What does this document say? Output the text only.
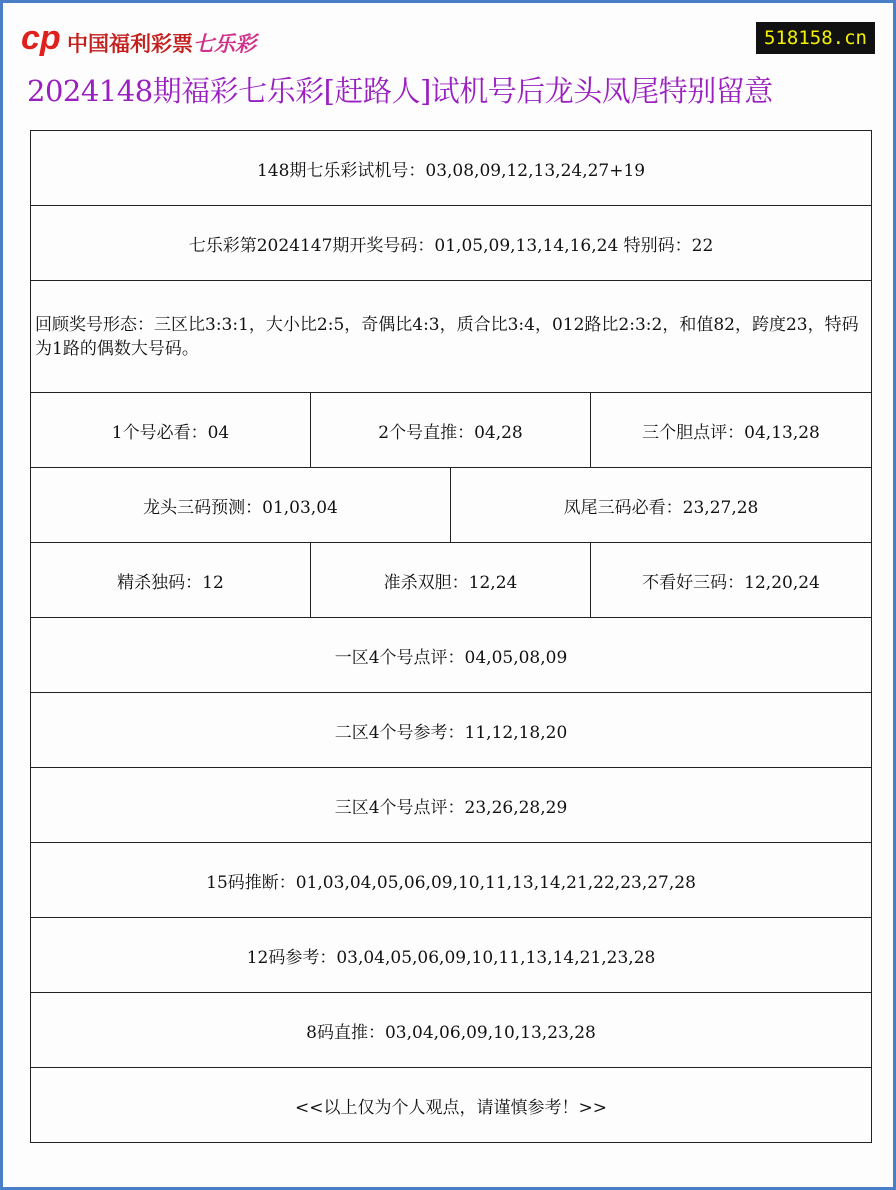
cp 中国福利彩票七乐彩	518158.cn
2024148期福彩七乐彩[赶路人]试机号后龙头凤尾特别留意
148期七乐彩试机号：03,08,09,12,13,24,27+19			
七乐彩第2024147期开奖号码：01,05,09,13,14,16,24 特别码：22			
回顾奖号形态：三区比3:3:1，大小比2:5，奇偶比4:3，质合比3:4，012路比2:3:2，和值82，跨度23，特码为1路的偶数大号码。			
1个号必看：04	2个号直推：04,28		三个胆点评：04,13,28
龙头三码预测：01,03,04		凤尾三码必看：23,27,28	
精杀独码：12	准杀双胆：12,24		不看好三码：12,20,24
一区4个号点评：04,05,08,09			
二区4个号参考：11,12,18,20			
三区4个号点评：23,26,28,29			
15码推断：01,03,04,05,06,09,10,11,13,14,21,22,23,27,28			
12码参考：03,04,05,06,09,10,11,13,14,21,23,28			
8码直推：03,04,06,09,10,13,23,28			
<<以上仅为个人观点，请谨慎参考！>>			
